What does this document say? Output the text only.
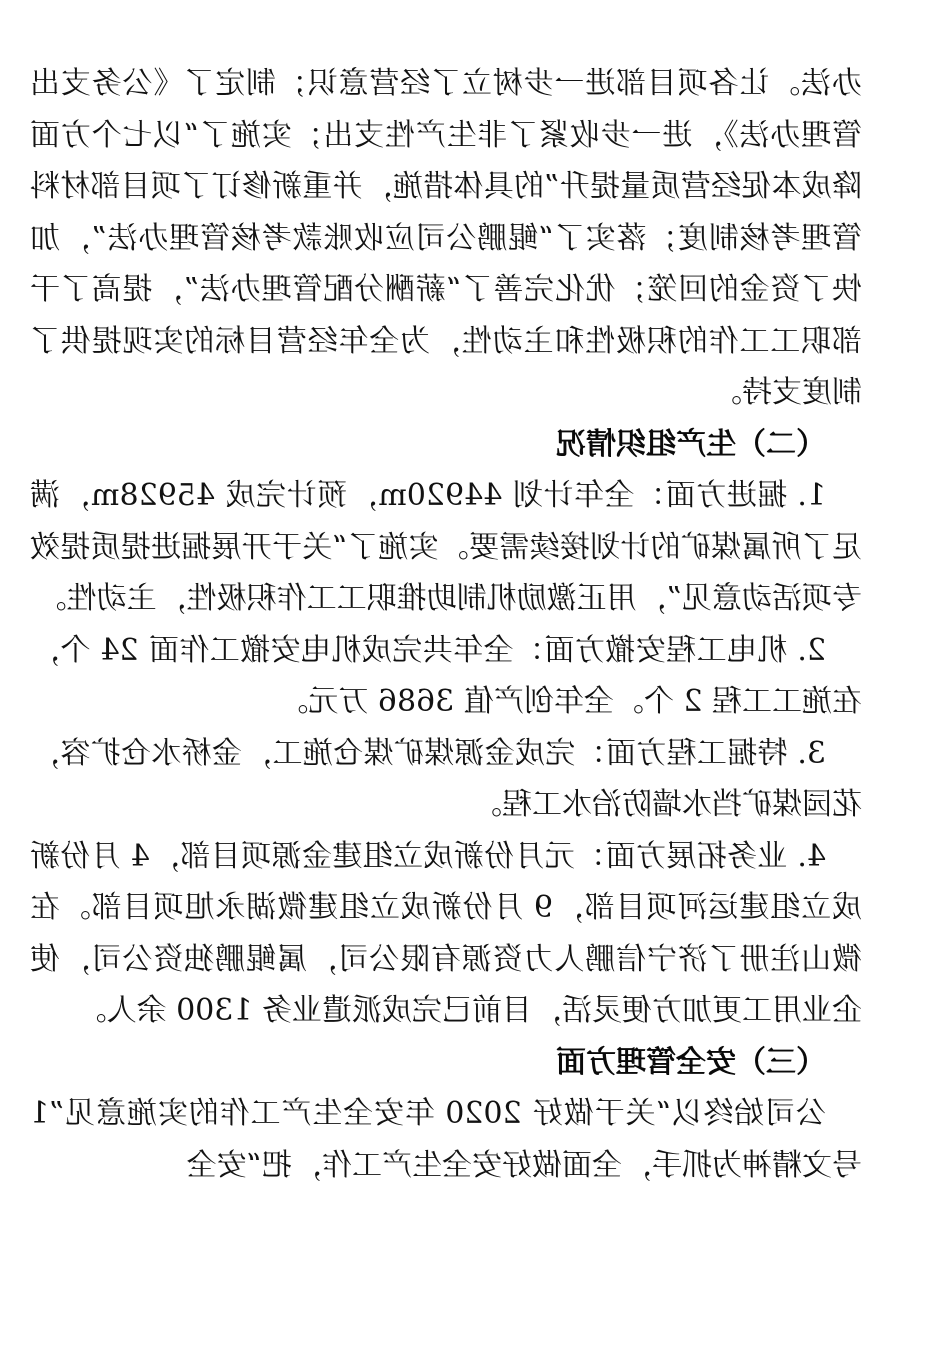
办法。让各项目部进一步树立了经营意识；制定了《公务支出管理办法》，进一步收紧了非生产性支出；实施了“以七个方面降成本促经营质量提升”的具体措施，并重新修订了项目部材料管理考核制度；落实了“鲲鹏公司应收账款考核管理办法”，加快了资金的回笼；优化完善了“薪酬分配管理办法”，提高了干部职工工作的积极性和主动性，为全年经营目标的实现提供了制度支持。

（二）生产组织情况

1. 掘进方面：全年计划 44920m，预计完成 45928m，满足了所属煤矿的计划接续需要。实施了“关于开展掘进提质提效专项活动意见”，用正激励机制助推职工工作积极性，主动性。

2. 机电工程安撤方面：全年共完成机电安撤工作面 24 个，在施工工程 2 个。全年创产值 3686 万元。

3. 特掘工程方面：完成金源煤矿煤仓施工，金桥水仓扩容，花园煤矿挡水墙防治水工程。

4. 业务拓展方面：元月份新成立组建金源项目部，4 月份新成立组建运河项目部，9 月份新成立组建微湖永旭项目部。在微山注册了济宁信鹏人力资源有限公司，属鲲鹏独资公司，使企业用工更加方便灵活，目前已完成派遣业务 1300 余人。

（三）安全管理方面

公司始终以“关于做好 2020 年安全生产工作的实施意见”1 号文精神为抓手，全面做好安全生产工作，把“安全
